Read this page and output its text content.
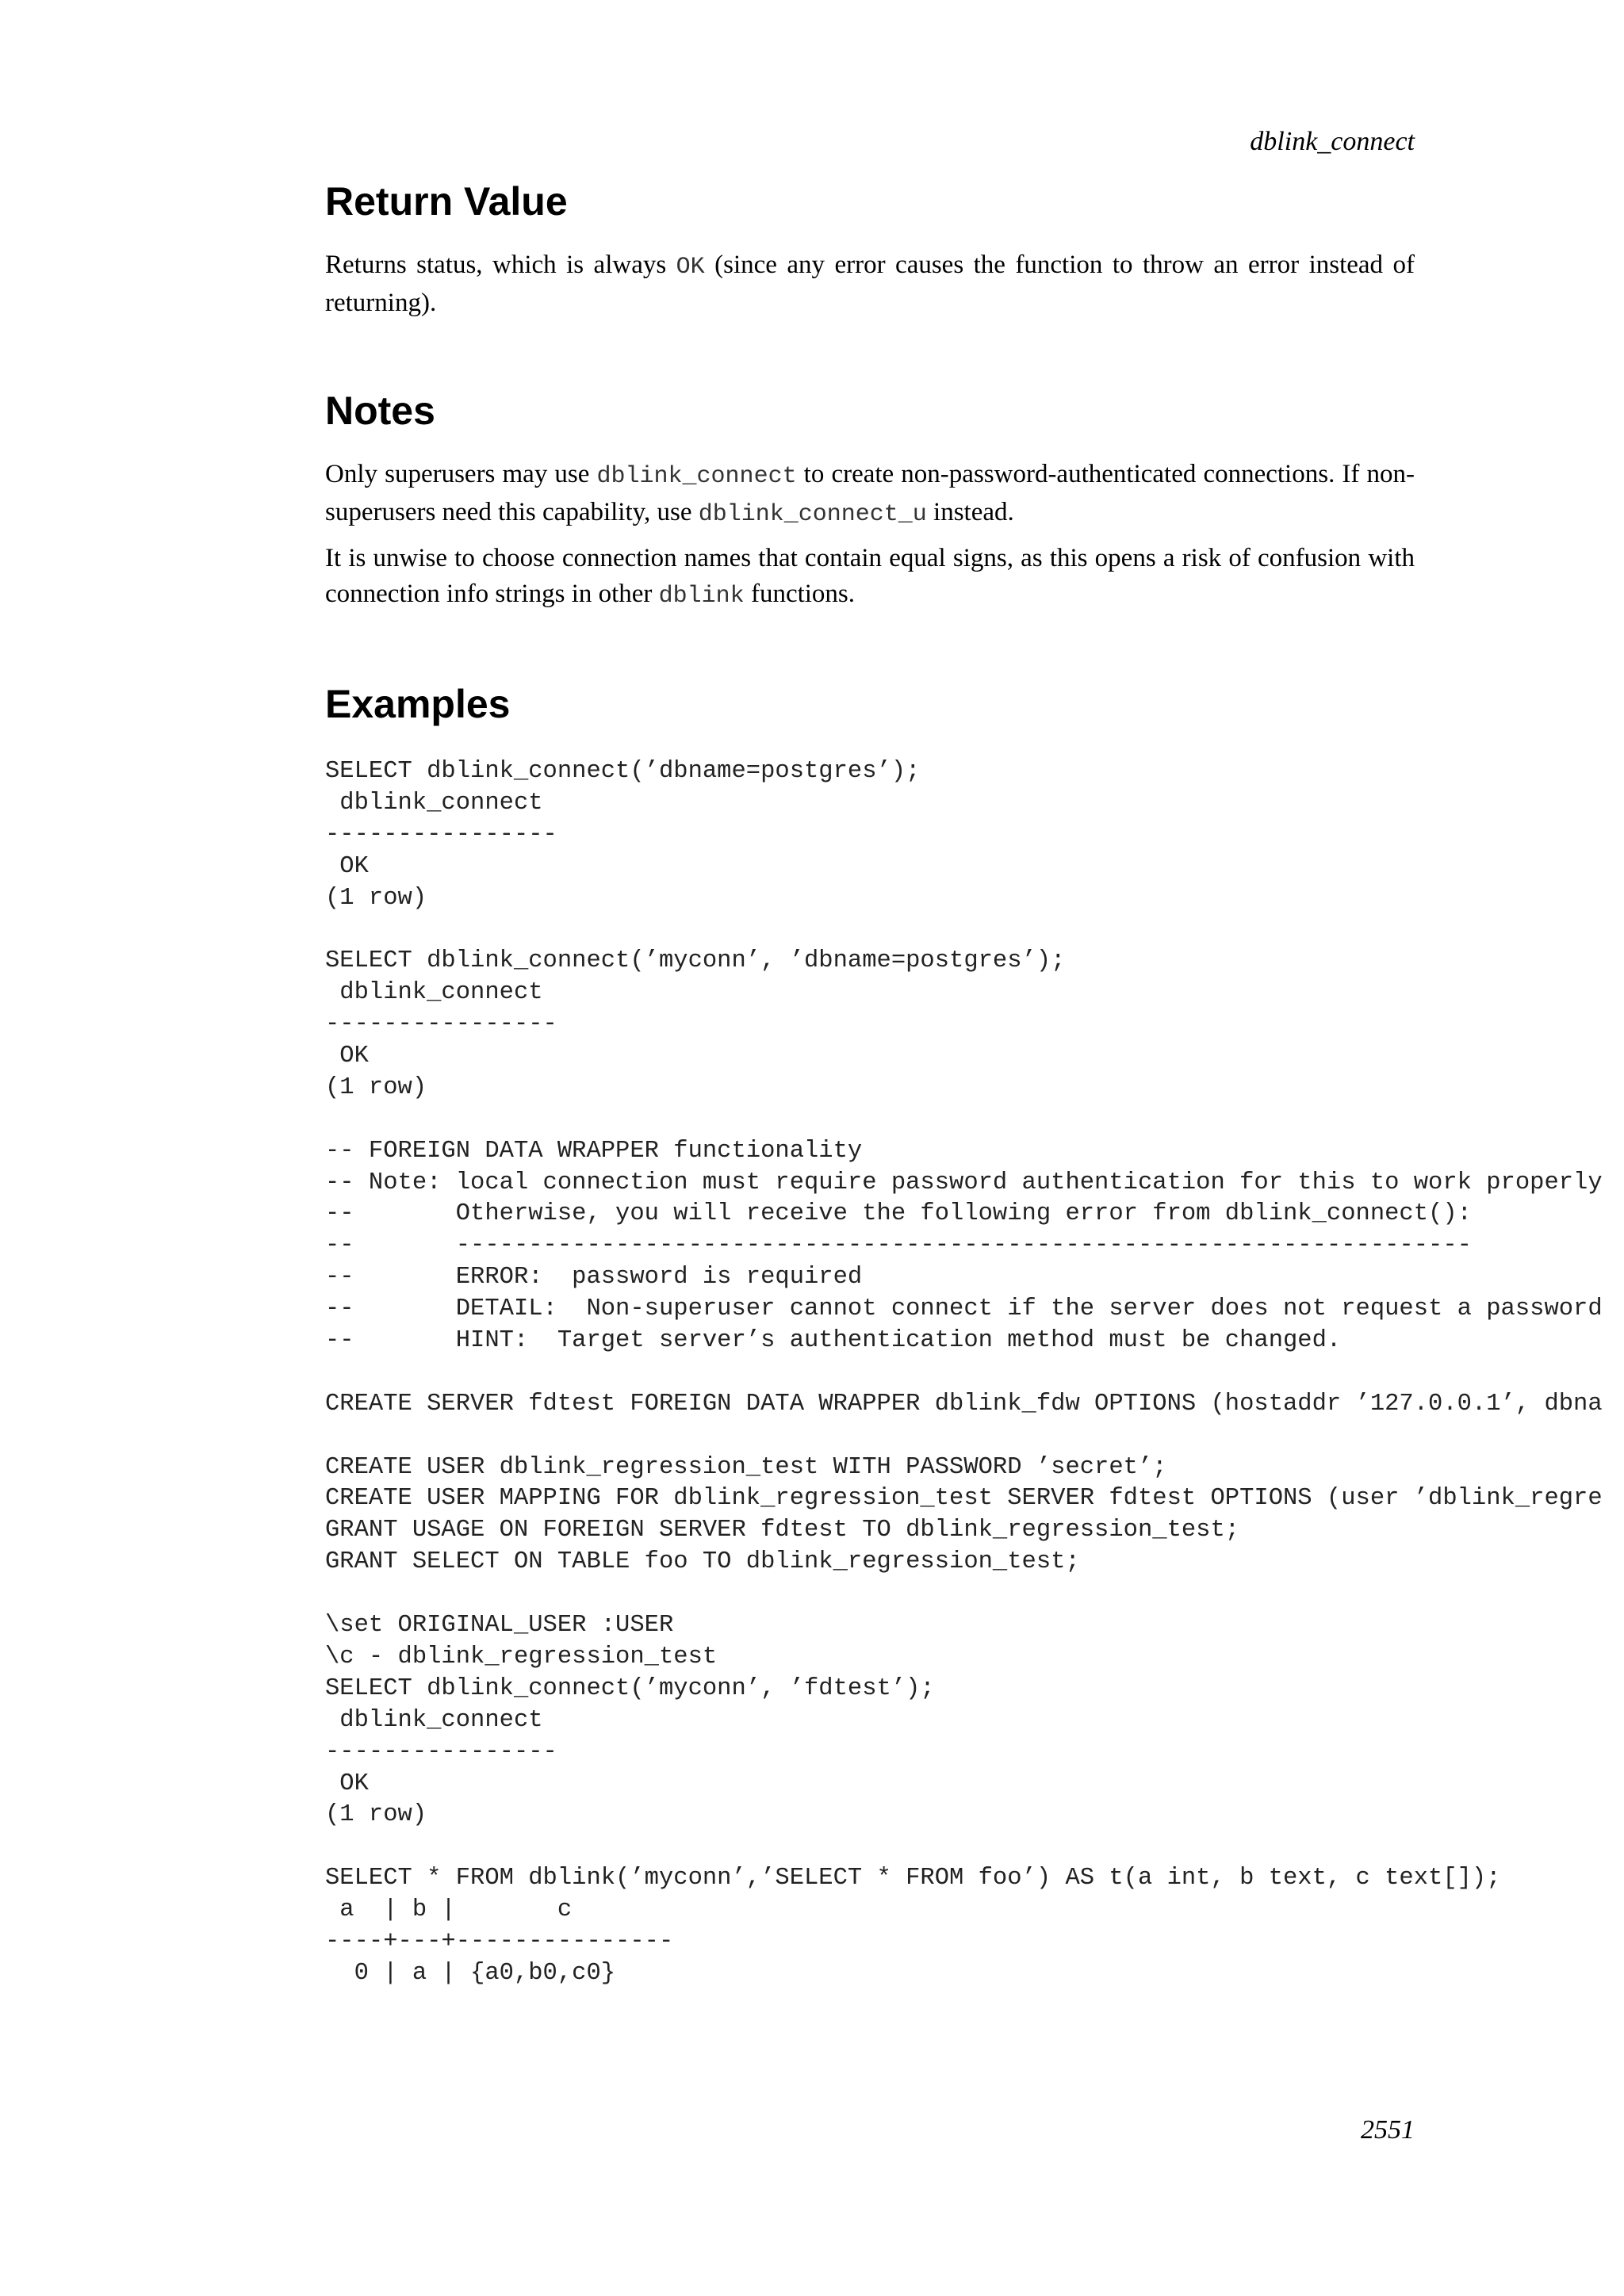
dblink_connect

Return Value

Returns status, which is always OK (since any error causes the function to throw an error instead of returning).

Notes

Only superusers may use dblink_connect to create non-password-authenticated connections. If non-superusers need this capability, use dblink_connect_u instead.

It is unwise to choose connection names that contain equal signs, as this opens a risk of confusion with connection info strings in other dblink functions.

Examples
SELECT dblink_connect(’dbname=postgres’);
dblink_connect
----------------
OK
(1 row)
SELECT dblink_connect(’myconn’, ’dbname=postgres’);
dblink_connect
----------------
OK
(1 row)
-- FOREIGN DATA WRAPPER functionality
-- Note: local connection must require password authentication for this to work properly
--       Otherwise, you will receive the following error from dblink_connect():
--       ----------------------------------------------------------------------
--       ERROR:  password is required
--       DETAIL:  Non-superuser cannot connect if the server does not request a password
--       HINT:  Target server’s authentication method must be changed.
CREATE SERVER fdtest FOREIGN DATA WRAPPER dblink_fdw OPTIONS (hostaddr ’127.0.0.1’, dbna
CREATE USER dblink_regression_test WITH PASSWORD ’secret’;
CREATE USER MAPPING FOR dblink_regression_test SERVER fdtest OPTIONS (user ’dblink_regre
GRANT USAGE ON FOREIGN SERVER fdtest TO dblink_regression_test;
GRANT SELECT ON TABLE foo TO dblink_regression_test;
\set ORIGINAL_USER :USER
\c - dblink_regression_test
SELECT dblink_connect(’myconn’, ’fdtest’);
dblink_connect
----------------
OK
(1 row)
SELECT * FROM dblink(’myconn’,’SELECT * FROM foo’) AS t(a int, b text, c text[]);
a  | b |       c
----+---+---------------
0 | a | {a0,b0,c0}

2551
